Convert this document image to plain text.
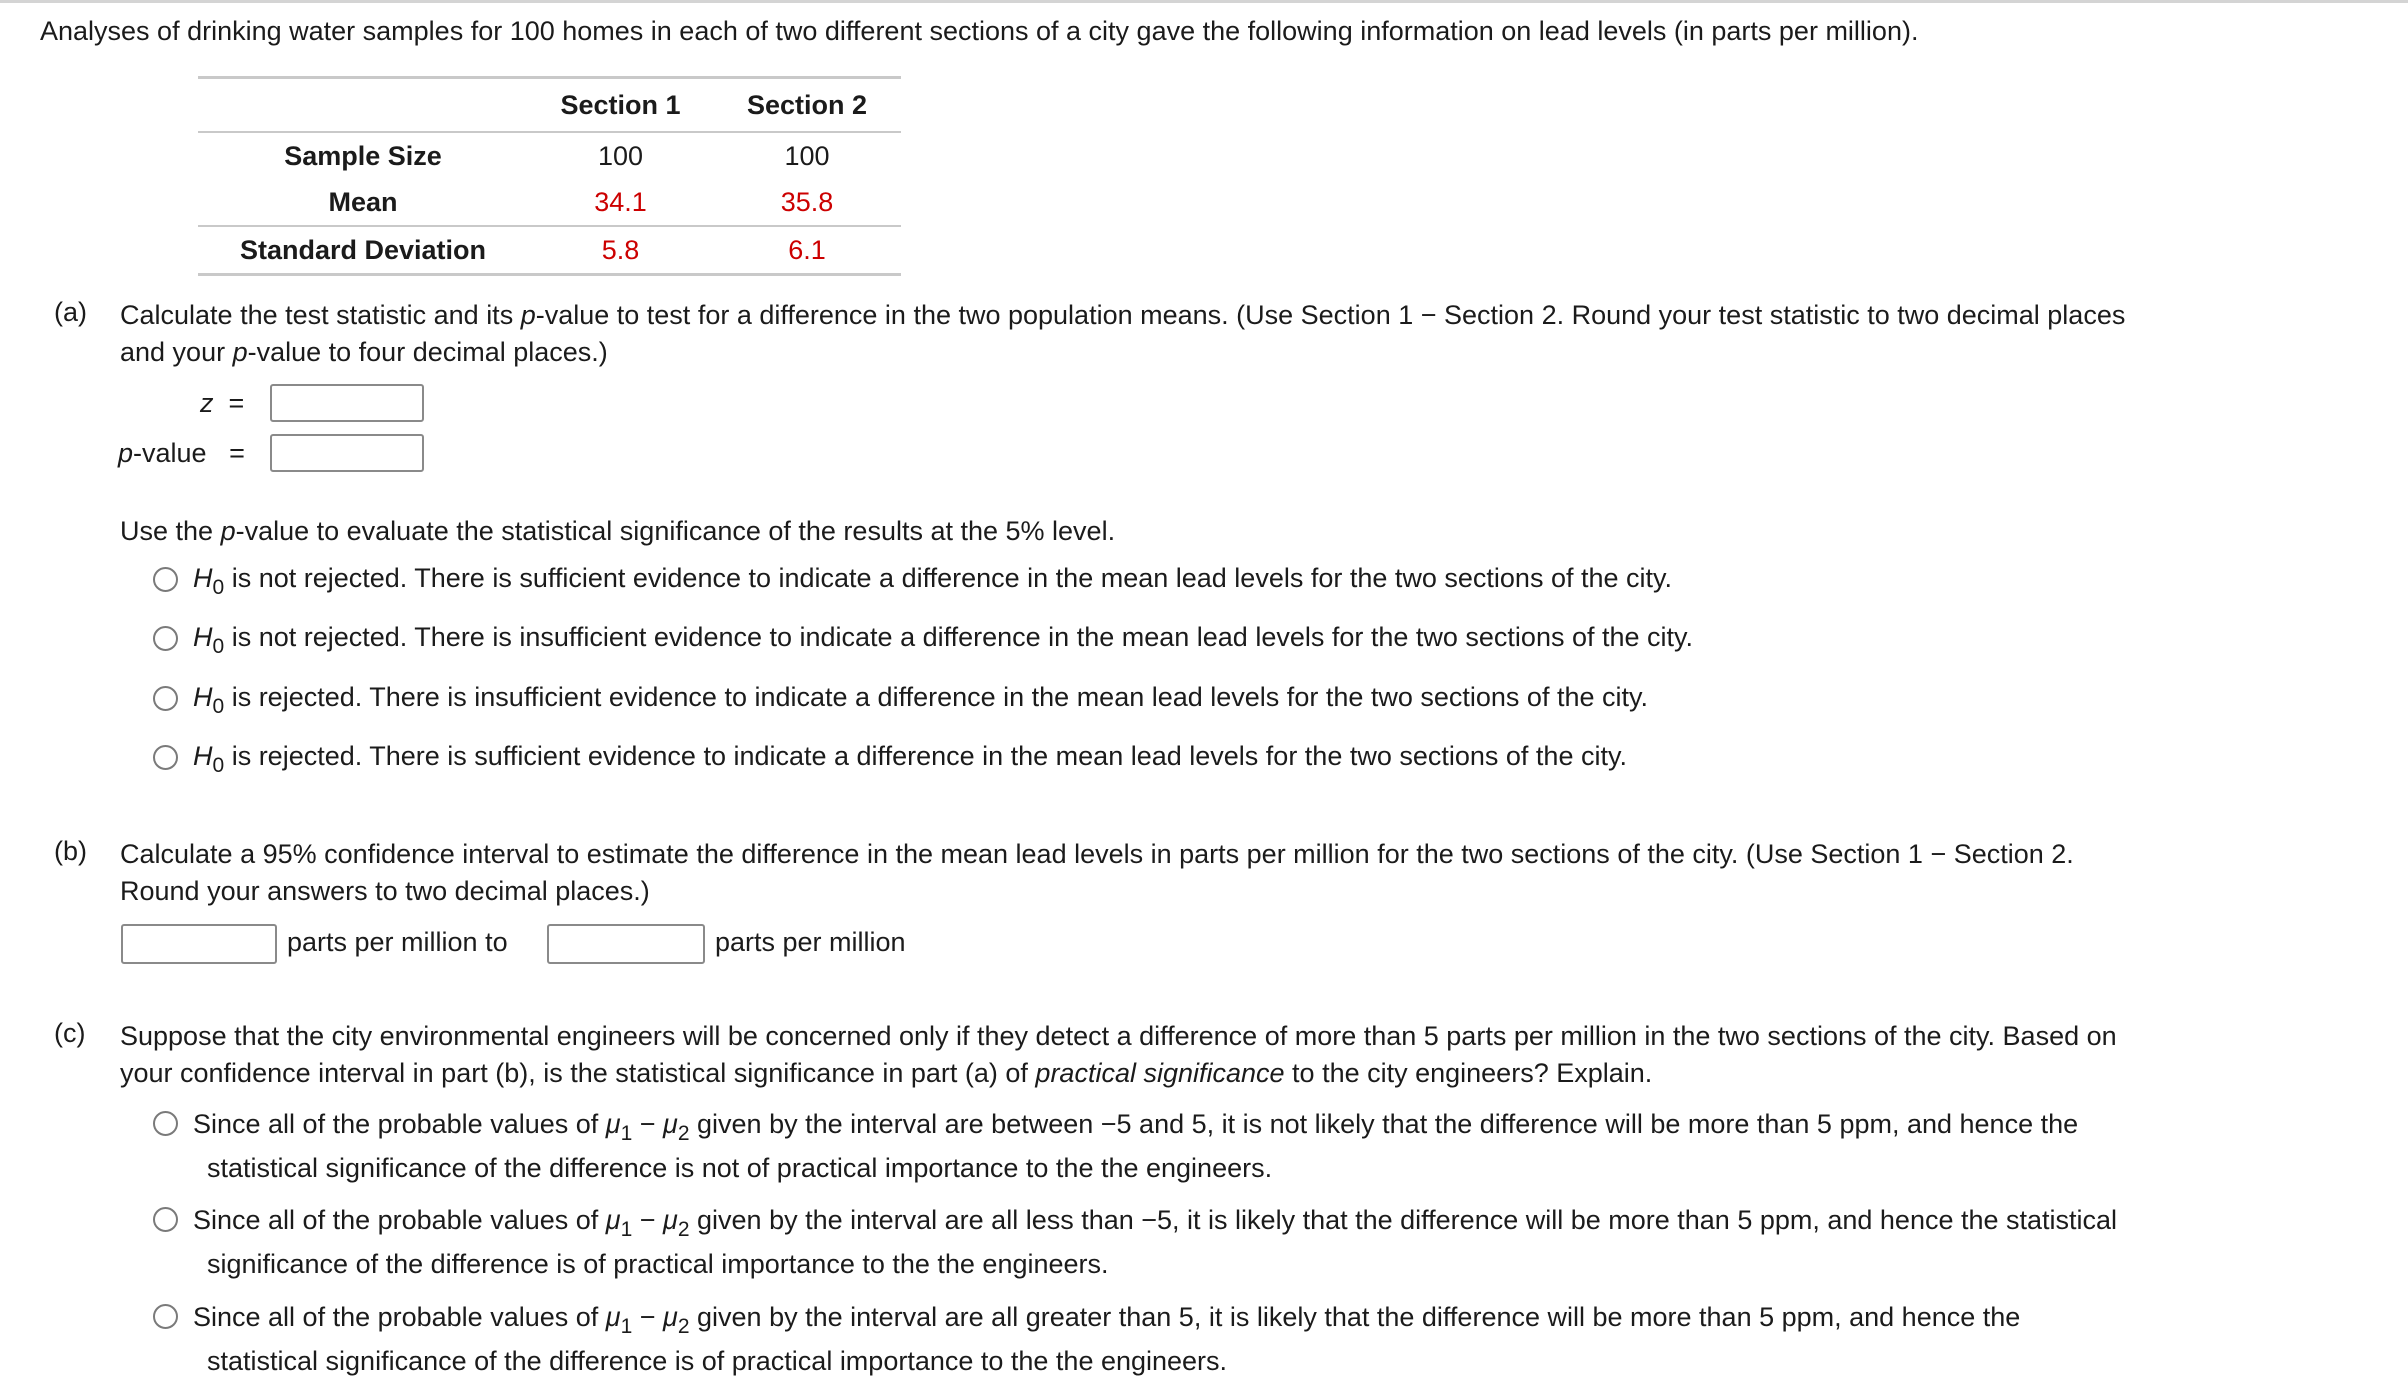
Analyses of drinking water samples for 100 homes in each of two different sections of a city gave the following information on lead levels (in parts per million).
	Section 1	Section 2
Sample Size	100	100
Mean	34.1	35.8
Standard Deviation	5.8	6.1
(a) Calculate the test statistic and its p-value to test for a difference in the two population means. (Use Section 1 − Section 2. Round your test statistic to two decimal places
and your p-value to four decimal places.)
z =
p-value =
Use the p-value to evaluate the statistical significance of the results at the 5% level.
$H_0$ is not rejected. There is sufficient evidence to indicate a difference in the mean lead levels for the two sections of the city.
$H_0$ is not rejected. There is insufficient evidence to indicate a difference in the mean lead levels for the two sections of the city.
$H_0$ is rejected. There is insufficient evidence to indicate a difference in the mean lead levels for the two sections of the city.
$H_0$ is rejected. There is sufficient evidence to indicate a difference in the mean lead levels for the two sections of the city.
(b) Calculate a 95% confidence interval to estimate the difference in the mean lead levels in parts per million for the two sections of the city. (Use Section 1 − Section 2.
Round your answers to two decimal places.)
parts per million to	parts per million
(c) Suppose that the city environmental engineers will be concerned only if they detect a difference of more than 5 parts per million in the two sections of the city. Based on
your confidence interval in part (b), is the statistical significance in part (a) of practical significance to the city engineers? Explain.
Since all of the probable values of $\mu_1 - \mu_2$ given by the interval are between −5 and 5, it is not likely that the difference will be more than 5 ppm, and hence the
statistical significance of the difference is not of practical importance to the the engineers.
Since all of the probable values of $\mu_1 - \mu_2$ given by the interval are all less than −5, it is likely that the difference will be more than 5 ppm, and hence the statistical
significance of the difference is of practical importance to the the engineers.
Since all of the probable values of $\mu_1 - \mu_2$ given by the interval are all greater than 5, it is likely that the difference will be more than 5 ppm, and hence the
statistical significance of the difference is of practical importance to the the engineers.
